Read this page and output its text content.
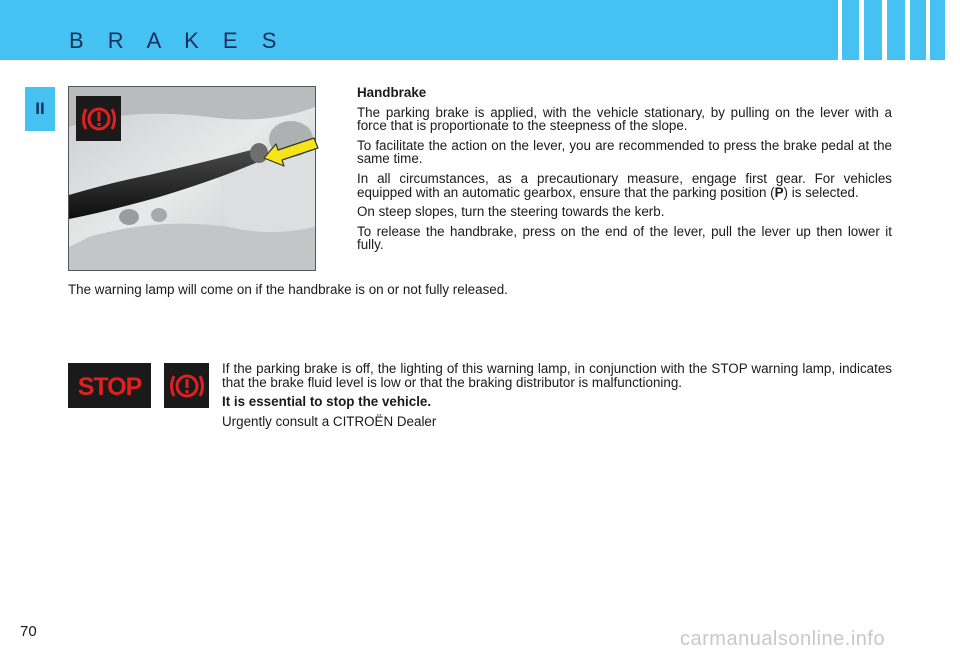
B R A K E S
II

Handbrake

The parking brake is applied, with the vehicle stationary, by pulling on the lever with a force that is proportionate to the steepness of the slope.

To facilitate the action on the lever, you are recommended to press the brake pedal at the same time.

In all circumstances, as a precautionary measure, engage first gear. For vehicles equipped with an automatic gearbox, ensure that the parking position (P) is selected.

On steep slopes, turn the steering towards the kerb.

To release the handbrake, press on the end of the lever, pull the lever up then lower it fully.

The warning lamp will come on if the handbrake is on or not fully released.
STOP

If the parking brake is off, the lighting of this warning lamp, in conjunction with the STOP warning lamp, indicates that the brake fluid level is low or that the braking distributor is malfunctioning.

It is essential to stop the vehicle.

Urgently consult a CITROËN Dealer

70	carmanualsonline.info
